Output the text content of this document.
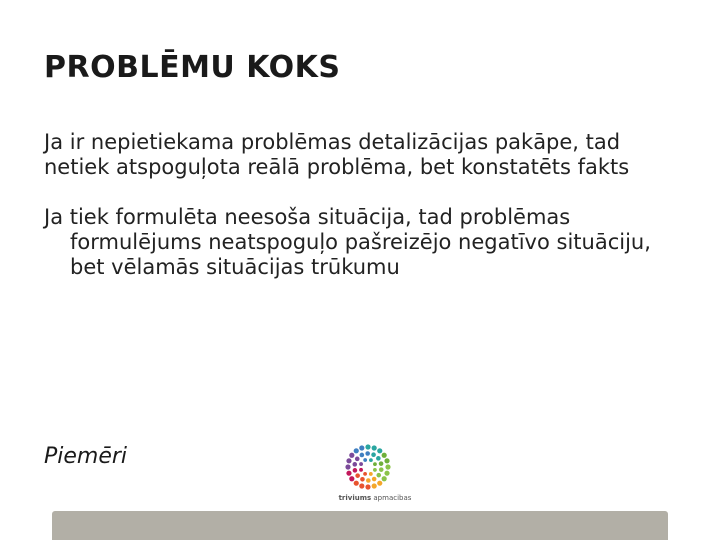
PROBLĒMU KOKS

Ja ir nepietiekama problēmas detalizācijas pakāpe, tad

netiek atspoguļota reālā problēma, bet konstatēts fakts

Ja tiek formulēta neesoša situācija, tad problēmas formulējums neatspoguļo pašreizējo negatīvo situāciju, bet vēlamās situācijas trūkumu

Piemēri
triviums apmacibas
